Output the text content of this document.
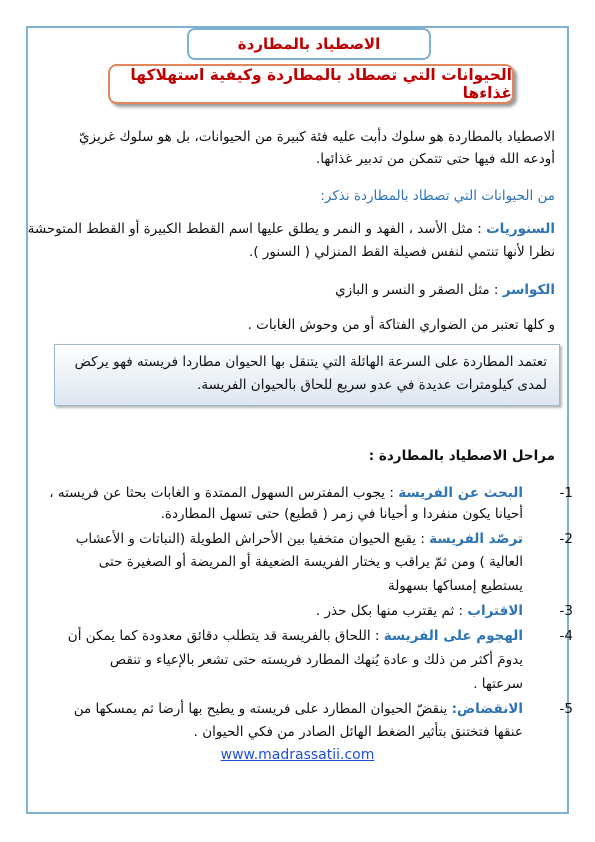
الاصطياد بالمطاردة
الحيوانات التي تصطاد بالمطاردة وكيفية استهلاكها غذاءها
الاصطياد بالمطاردة هو سلوك دأبت عليه فئة كبيرة من الحيوانات، بل هو سلوك غريزيّ
أودعه الله فيها حتى تتمكن من تدبير غذائها.
من الحيوانات التي تصطاد بالمطاردة نذكر:
السنوريات : مثل الأسد ، الفهد و النمر و يطلق عليها اسم القطط الكبيرة أو القطط المتوحشة
نظرا لأنها تنتمي لنفس فصيلة القط المنزلي ( السنور ).
الكواسر : مثل الصقر و النسر و البازي
و كلها تعتبر من الضواري الفتاكة أو من وحوش الغابات .
تعتمد المطاردة على السرعة الهائلة التي يتنقل بها الحيوان مطاردا فريسته فهو يركض
لمدى كيلومترات عديدة في عدو سريع للحاق بالحيوان الفريسة.
مراحل الاصطياد بالمطاردة :
-1
البحث عن الفريسة : يجوب المفترس السهول الممتدة و الغابات بحثا عن فريسته ،
أحيانا يكون منفردا و أحيانا في زمر ( قطيع) حتى تسهل المطاردة.
-2
ترصّد الفريسة : يقبع الحيوان متخفيا بين الأحراش الطويلة (النباتات و الأعشاب
العالية ) ومن ثمّ يراقب و يختار الفريسة الضعيفة أو المريضة أو الصغيرة حتى
يستطيع إمساكها بسهولة
-3
الاقتراب : ثم يقترب منها بكل حذر .
-4
الهجوم على الفريسة : اللحاق بالفريسة قد يتطلب دقائق معدودة كما يمكن أن
يدومَ أكثر من ذلك و عادة يُنهك المطارد فريسته حتى تشعر بالإعياء و تنقص
سرعتها .
-5
الانقضاض: ينقضّ الحيوان المطارد على فريسته و يطيح بها أرضا ثم يمسكها من
عنقها فتختنق بتأثير الضغط الهائل الصادر من فكي الحيوان .
www.madrassatii.com
